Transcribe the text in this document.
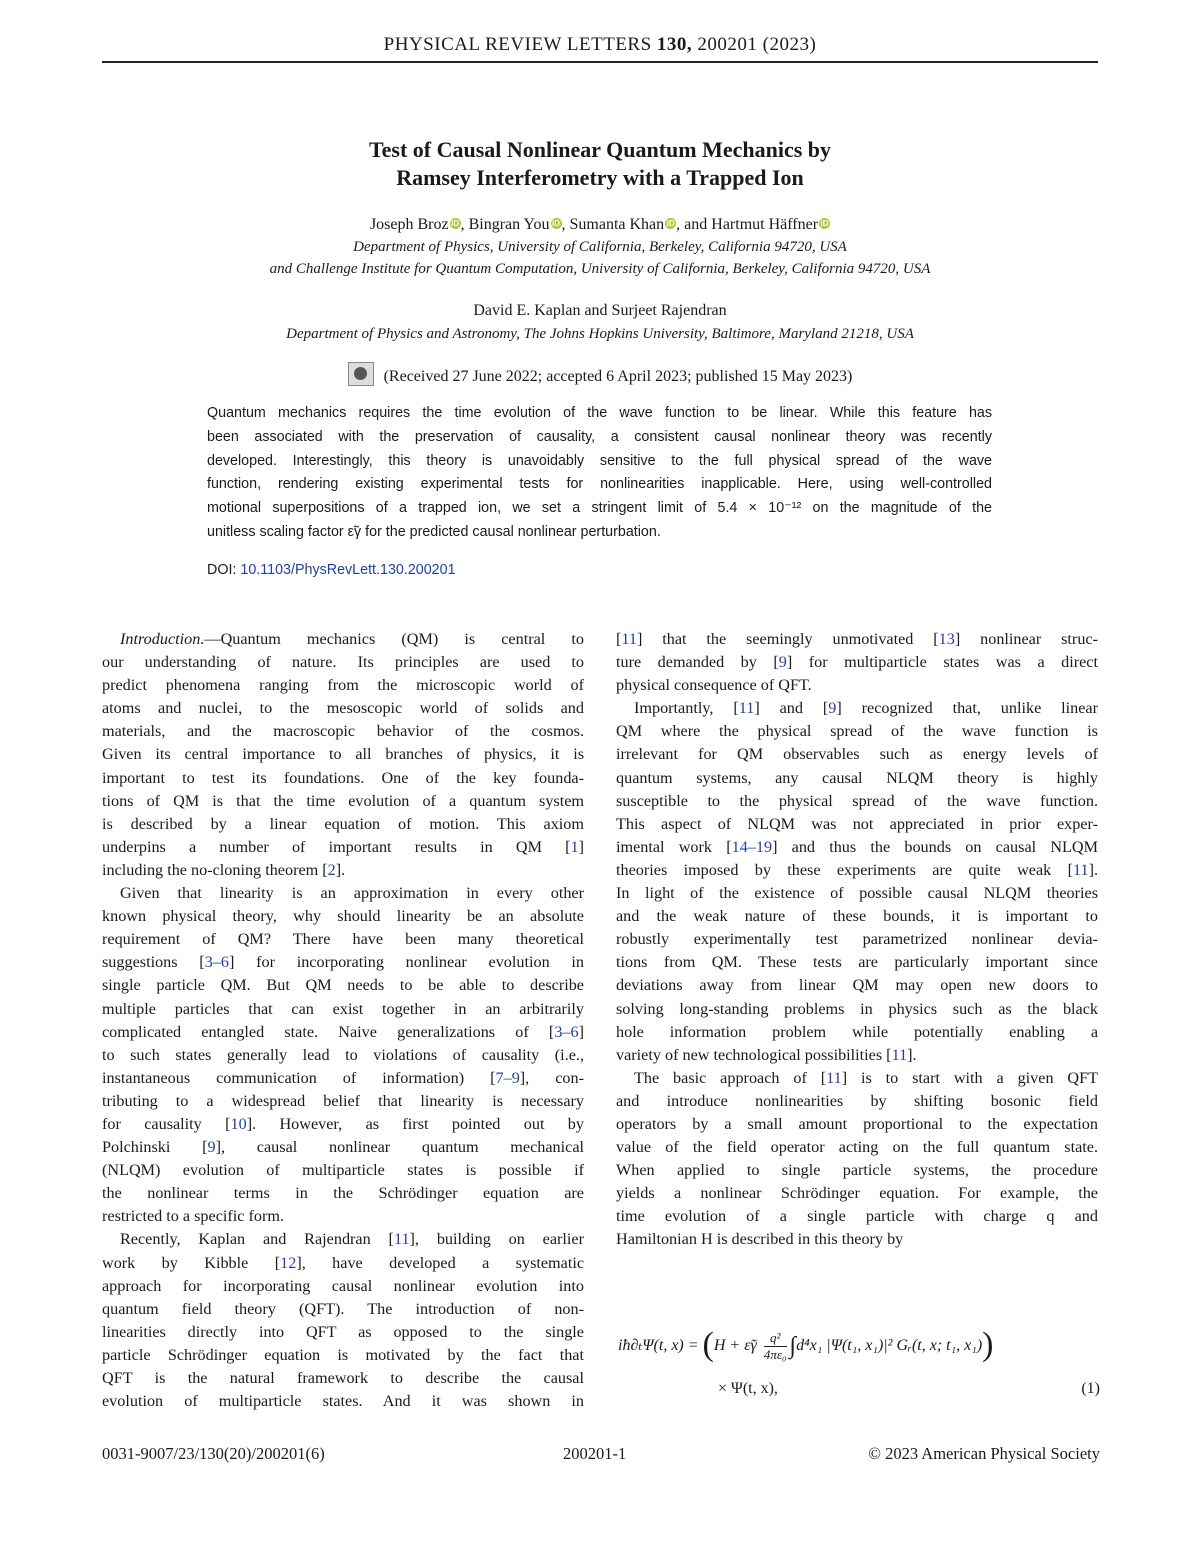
PHYSICAL REVIEW LETTERS 130, 200201 (2023)
Test of Causal Nonlinear Quantum Mechanics by
Ramsey Interferometry with a Trapped Ion
Joseph Broz iD, Bingran You iD, Sumanta Khan iD, and Hartmut Häffner iD
Department of Physics, University of California, Berkeley, California 94720, USA
and Challenge Institute for Quantum Computation, University of California, Berkeley, California 94720, USA
David E. Kaplan and Surjeet Rajendran
Department of Physics and Astronomy, The Johns Hopkins University, Baltimore, Maryland 21218, USA
(Received 27 June 2022; accepted 6 April 2023; published 15 May 2023)
Quantum mechanics requires the time evolution of the wave function to be linear. While this feature has
been associated with the preservation of causality, a consistent causal nonlinear theory was recently
developed. Interestingly, this theory is unavoidably sensitive to the full physical spread of the wave
function, rendering existing experimental tests for nonlinearities inapplicable. Here, using well-controlled
motional superpositions of a trapped ion, we set a stringent limit of 5.4 × 10⁻¹² on the magnitude of the
unitless scaling factor ε̃γ for the predicted causal nonlinear perturbation.
DOI: 10.1103/PhysRevLett.130.200201
Introduction.—Quantum mechanics (QM) is central to
our understanding of nature. Its principles are used to
predict phenomena ranging from the microscopic world of
atoms and nuclei, to the mesoscopic world of solids and
materials, and the macroscopic behavior of the cosmos.
Given its central importance to all branches of physics, it is
important to test its foundations. One of the key founda-
tions of QM is that the time evolution of a quantum system
is described by a linear equation of motion. This axiom
underpins a number of important results in QM [1]
including the no-cloning theorem [2].
Given that linearity is an approximation in every other
known physical theory, why should linearity be an absolute
requirement of QM? There have been many theoretical
suggestions [3–6] for incorporating nonlinear evolution in
single particle QM. But QM needs to be able to describe
multiple particles that can exist together in an arbitrarily
complicated entangled state. Naive generalizations of [3–6]
to such states generally lead to violations of causality (i.e.,
instantaneous communication of information) [7–9], con-
tributing to a widespread belief that linearity is necessary
for causality [10]. However, as first pointed out by
Polchinski [9], causal nonlinear quantum mechanical
(NLQM) evolution of multiparticle states is possible if
the nonlinear terms in the Schrödinger equation are
restricted to a specific form.
Recently, Kaplan and Rajendran [11], building on earlier
work by Kibble [12], have developed a systematic
approach for incorporating causal nonlinear evolution into
quantum field theory (QFT). The introduction of non-
linearities directly into QFT as opposed to the single
particle Schrödinger equation is motivated by the fact that
QFT is the natural framework to describe the causal
evolution of multiparticle states. And it was shown in
[11] that the seemingly unmotivated [13] nonlinear struc-
ture demanded by [9] for multiparticle states was a direct
physical consequence of QFT.
Importantly, [11] and [9] recognized that, unlike linear
QM where the physical spread of the wave function is
irrelevant for QM observables such as energy levels of
quantum systems, any causal NLQM theory is highly
susceptible to the physical spread of the wave function.
This aspect of NLQM was not appreciated in prior exper-
imental work [14–19] and thus the bounds on causal NLQM
theories imposed by these experiments are quite weak [11].
In light of the existence of possible causal NLQM theories
and the weak nature of these bounds, it is important to
robustly experimentally test parametrized nonlinear devia-
tions from QM. These tests are particularly important since
deviations away from linear QM may open new doors to
solving long-standing problems in physics such as the black
hole information problem while potentially enabling a
variety of new technological possibilities [11].
The basic approach of [11] is to start with a given QFT
and introduce nonlinearities by shifting bosonic field
operators by a small amount proportional to the expectation
value of the field operator acting on the full quantum state.
When applied to single particle systems, the procedure
yields a nonlinear Schrödinger equation. For example, the
time evolution of a single particle with charge q and
Hamiltonian H is described in this theory by
iħ∂ₜΨ(t, x) = (H + ε̃γ $\frac{\text{q²}}{\text{4πε₀}} \int d^4x_1$ |Ψ(t₁, x₁)|² Gᵣ(t, x; t₁, x₁))
× Ψ(t, x),	(1)
0031-9007/23/130(20)/200201(6)	200201-1	© 2023 American Physical Society
